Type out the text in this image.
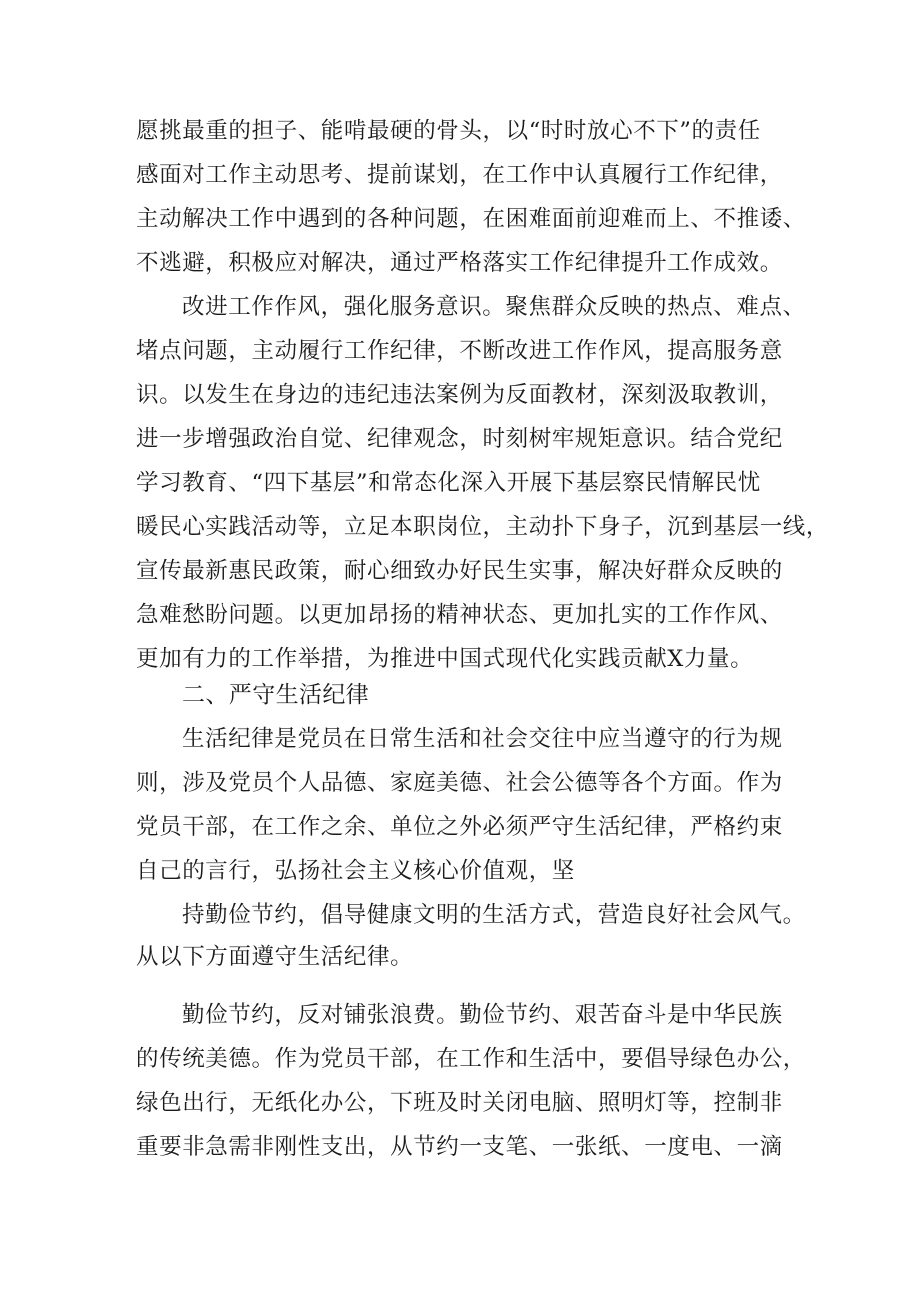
愿挑最重的担子、能啃最硬的骨头，以“时时放心不下”的责任
感面对工作主动思考、提前谋划，在工作中认真履行工作纪律，
主动解决工作中遇到的各种问题，在困难面前迎难而上、不推诿、
不逃避，积极应对解决，通过严格落实工作纪律提升工作成效。
改进工作作风，强化服务意识。聚焦群众反映的热点、难点、
堵点问题，主动履行工作纪律，不断改进工作作风，提高服务意
识。以发生在身边的违纪违法案例为反面教材，深刻汲取教训，
进一步增强政治自觉、纪律观念，时刻树牢规矩意识。结合党纪
学习教育、“四下基层”和常态化深入开展下基层察民情解民忧
暖民心实践活动等，立足本职岗位，主动扑下身子，沉到基层一线，
宣传最新惠民政策，耐心细致办好民生实事，解决好群众反映的
急难愁盼问题。以更加昂扬的精神状态、更加扎实的工作作风、
更加有力的工作举措，为推进中国式现代化实践贡献X力量。
二、严守生活纪律
生活纪律是党员在日常生活和社会交往中应当遵守的行为规
则，涉及党员个人品德、家庭美德、社会公德等各个方面。作为
党员干部，在工作之余、单位之外必须严守生活纪律，严格约束
自己的言行，弘扬社会主义核心价值观，坚
持勤俭节约，倡导健康文明的生活方式，营造良好社会风气。
从以下方面遵守生活纪律。
勤俭节约，反对铺张浪费。勤俭节约、艰苦奋斗是中华民族
的传统美德。作为党员干部，在工作和生活中，要倡导绿色办公，
绿色出行，无纸化办公，下班及时关闭电脑、照明灯等，控制非
重要非急需非刚性支出，从节约一支笔、一张纸、一度电、一滴
